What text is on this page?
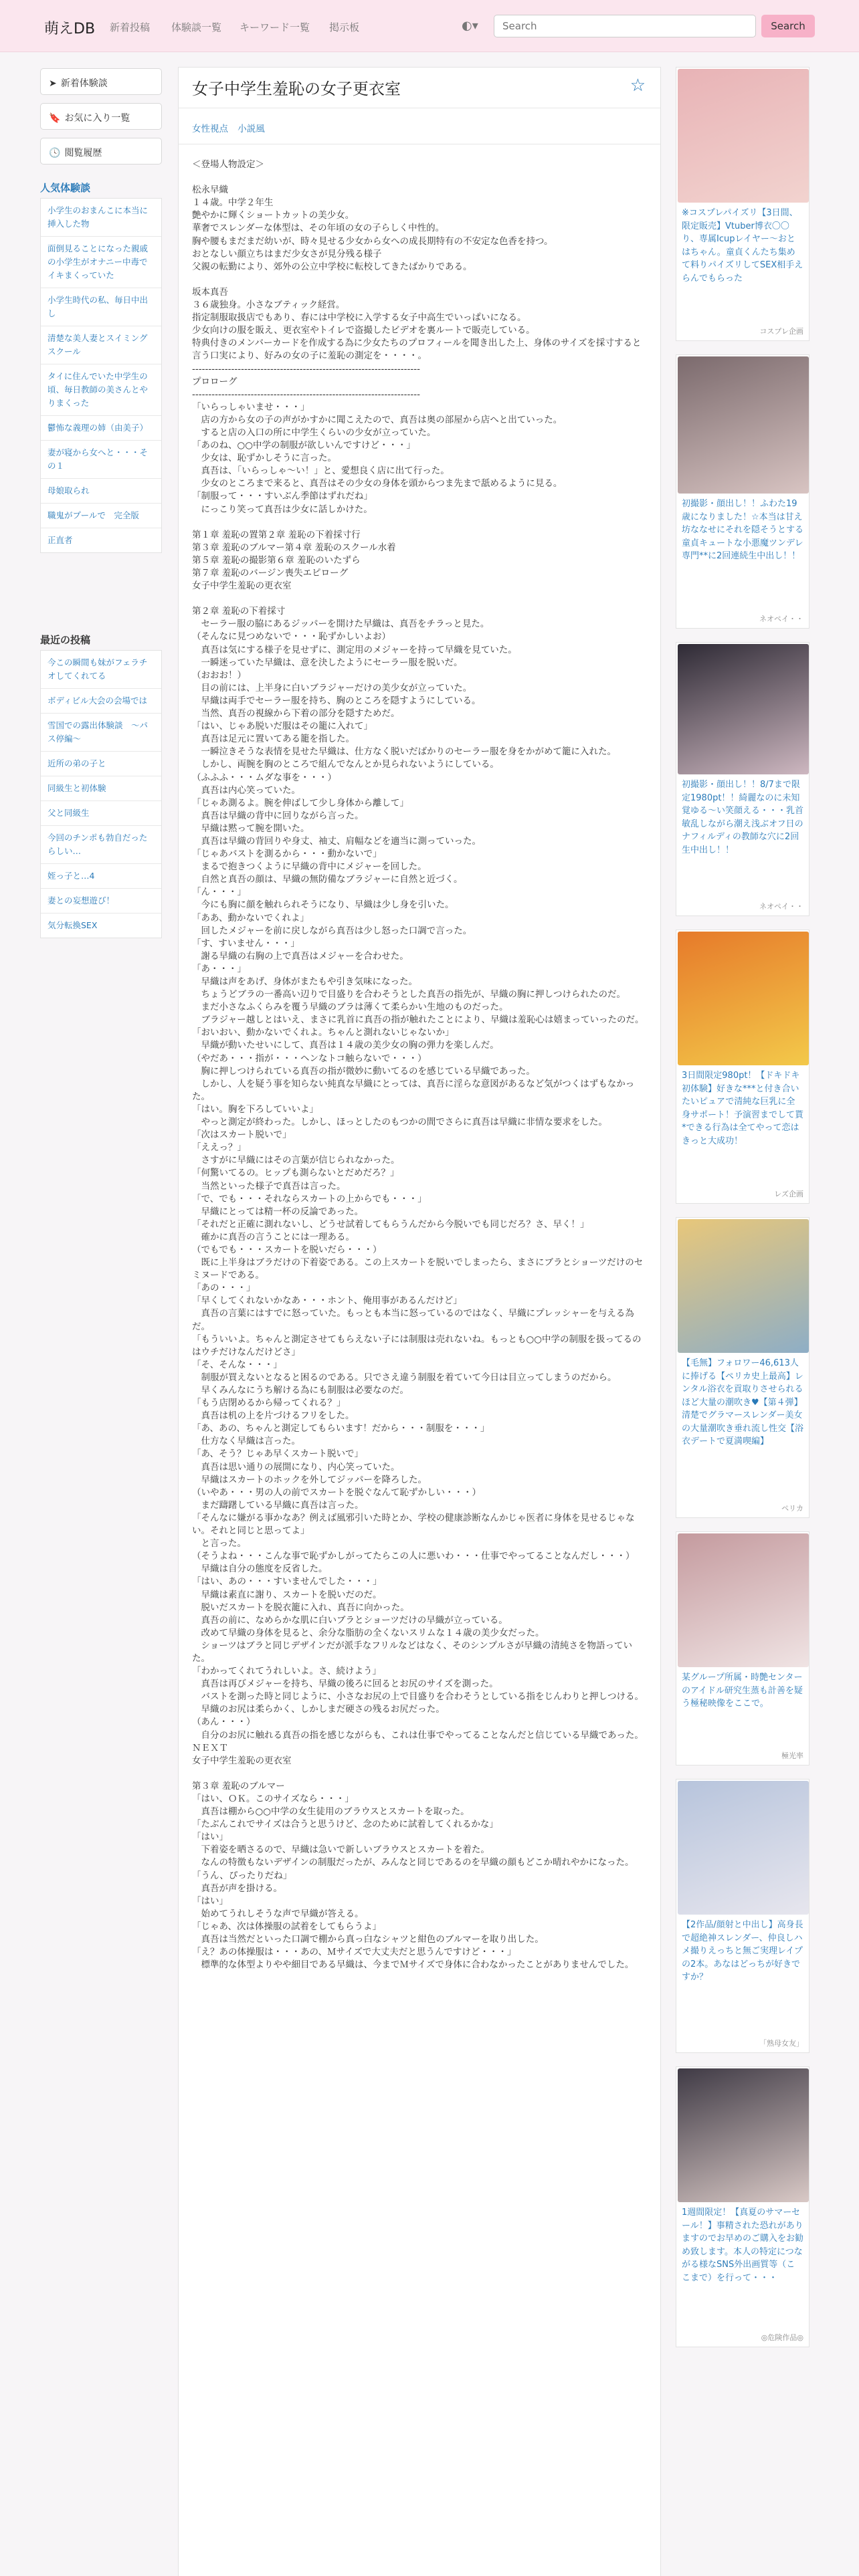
萌えDB 新着投稿 体験談一覧 キーワード一覧 掲示板	◐▾
Search	Search
➤ 新着体験談
🔖 お気に入り一覧
🕓 閲覧履歴
人気体験談
小学生のおまんこに本当に挿入した物
面倒見ることになった親戚の小学生がオナニー中毒でイキまくっていた
小学生時代の私、毎日中出し
清楚な美人妻とスイミングスクール
タイに住んでいた中学生の頃、毎日教師の美さんとやりまくった
鬱怖な義理の姉（由美子）
妻が寝から女へと・・・その１
母娘取られ
職鬼がプールで　完全版
正直者
最近の投稿
今この瞬間も妹がフェラチオしてくれてる
ボディビル大会の会場では
雪国での露出体験談　～パス停編～
近所の弟の子と
同級生と初体験
父と同級生
今回のチンポも勃自だったらしい…
姪っ子と…4
妻との妄想遊び！
気分転換SEX
女子中学生羞恥の女子更衣室	☆
女性視点 小説風

＜登場人物設定＞

松永早織

１４歳。中学２年生

艶やかに輝くショートカットの美少女。

華奢でスレンダーな体型は、その年頃の女の子らしく中性的。

胸や腰もまだまだ幼いが、時々見せる少女から女への成長期特有の不安定な色香を持つ。

おとなしい顔立ちはまだ少女さが見分残る様子

父親の転勤により、郊外の公立中学校に転校してきたばかりである。

坂本真吾

３６歳独身。小さなブティック経営。

指定制服取扱店でもあり、春には中学校に入学する女子中高生でいっぱいになる。

少女向けの服を販え、更衣室やトイレで盗撮したビデオを裏ルートで販売している。

特典付きのメンバーカードを作成する為に少女たちのプロフィールを聞き出した上、身体のサイズを採寸すると言う口実により、好みの女の子に羞恥の測定を・・・・。

----------------------------------------------------------------------

プロローグ

----------------------------------------------------------------------

「いらっしゃいませ・・・」

　店の方から女の子の声がかすかに聞こえたので、真吾は奥の部屋から店へと出ていった。

　すると店の入口の所に中学生くらいの少女が立っていた。

「あのね、○○中学の制服が欲しいんですけど・・・」

　少女は、恥ずかしそうに言った。

　真吾は、「いらっしゃ〜い！」と、愛想良く店に出て行った。

　少女のところまで来ると、真吾はその少女の身体を頭からつま先まで舐めるように見る。

「制服って・・・すいぶん季節はずれだね」

　にっこり笑って真吾は少女に話しかけた。

第１章 羞恥の置第２章 羞恥の下着採寸行

第３章 羞恥のブルマー第４章 羞恥のスクール水着

第５章 羞恥の撮影第６章 羞恥のいたずら

第７章 羞恥のバージン喪失エピローグ

女子中学生羞恥の更衣室

第２章 羞恥の下着採寸

　セーラー服の脇にあるジッパーを開けた早織は、真吾をチラっと見た。

（そんなに見つめないで・・・恥ずかしいよお）

　真吾は気にする様子を見せずに、測定用のメジャーを持って早織を見ていた。

　一瞬迷っていた早織は、意を決したようにセーラー服を脱いだ。

（おおお！）

　目の前には、上半身に白いブラジャーだけの美少女が立っていた。

　早織は両手でセーラー服を持ち、胸のところを隠すようにしている。

　当然、真吾の視線から下着の部分を隠すためだ。

「はい、じゃあ脱いだ服はその籠に入れて」

　真吾は足元に置いてある籠を指した。

　一瞬泣きそうな表情を見せた早織は、仕方なく脱いだばかりのセーラー服を身をかがめて籠に入れた。

　しかし、両腕を胸のところで組んでなんとか見られないようにしている。

（ふふふ・・・ムダな事を・・・）

　真吾は内心笑っていた。

「じゃあ測るよ。腕を伸ばして少し身体から離して」

　真吾は早織の背中に回りながら言った。

　早織は黙って腕を開いた。

　真吾は早織の背回りや身丈、袖丈、肩幅などを適当に測っていった。

「じゃあバストを測るから・・・動かないで」

　まるで抱きつくように早織の背中にメジャーを回した。

　自然と真吾の顔は、早織の無防備なブラジャーに自然と近づく。

「ん・・・」

　今にも胸に顔を触れられそうになり、早織は少し身を引いた。

「ああ、動かないでくれよ」

　回したメジャーを前に戻しながら真吾は少し怒った口調で言った。

「す、すいません・・・」

　謝る早織の右胸の上で真吾はメジャーを合わせた。

「あ・・・」

　早織は声をあげ、身体がまたもや引き気味になった。

　ちょうどブラの一番高い辺りで目盛りを合わそうとした真吾の指先が、早織の胸に押しつけられたのだ。

　まだ小さなふくらみを覆う早織のブラは薄くて柔らかい生地のものだった。

　ブラジャー越しとはいえ、まさに乳首に真吾の指が触れたことにより、早織は羞恥心は嬉まっていったのだ。

「おいおい、動かないでくれよ。ちゃんと測れないじゃないか」

　早織が動いたせいにして、真吾は１４歳の美少女の胸の弾力を楽しんだ。

（やだあ・・・指が・・・ヘンなトコ触らないで・・・）

　胸に押しつけられている真吾の指が微妙に動いてるのを感じている早織であった。

　しかし、人を疑う事を知らない純真な早織にとっては、真吾に淫らな意図があるなど気がつくはずもなかった。

「はい。胸を下ろしていいよ」

　やっと測定が終わった。しかし、ほっとしたのもつかの間でさらに真吾は早織に非情な要求をした。

「次はスカート脱いで」

「ええっ？」

　さすがに早織にはその言葉が信じられなかった。

「何驚いてるの。ヒップも測らないとだめだろ？」

　当然といった様子で真吾は言った。

「で、でも・・・それならスカートの上からでも・・・」

　早織にとっては精一杯の反論であった。

「それだと正確に測れないし、どうせ試着してもらうんだから今脱いでも同じだろ？さ、早く！」

　確かに真吾の言うことには一理ある。

（でもでも・・・スカートを脱いだら・・・）

　既に上半身はブラだけの下着姿である。この上スカートを脱いでしまったら、まさにブラとショーツだけのセミヌードである。

「あの・・・」

「早くしてくれないかなあ・・・ホント、俺用事があるんだけど」

　真吾の言葉にはすでに怒っていた。もっとも本当に怒っているのではなく、早織にプレッシャーを与える為だ。

「もういいよ。ちゃんと測定させてもらえない子には制服は売れないね。もっとも○○中学の制服を扱ってるのはウチだけなんだけどさ」

「そ、そんな・・・」

　制服が買えないとなると困るのである。只でさえ違う制服を着ていて今日は目立ってしまうのだから。

　早くみんなにうち解ける為にも制服は必要なのだ。

「もう店閉めるから帰ってくれる？」

　真吾は机の上を片づけるフリをした。

「あ、あの、ちゃんと測定してもらいます！だから・・・制服を・・・」

　仕方なく早織は言った。

「あ、そう？じゃあ早くスカート脱いで」

　真吾は思い通りの展開になり、内心笑っていた。

　早織はスカートのホックを外してジッパーを降ろした。

（いやあ・・・男の人の前でスカートを脱ぐなんて恥ずかしい・・・）

　まだ躊躇している早織に真吾は言った。

「そんなに嫌がる事かなあ？例えば風邪引いた時とか、学校の健康診断なんかじゃ医者に身体を見せるじゃない。それと同じと思ってよ」

　と言った。

（そうよね・・・こんな事で恥ずかしがってたらこの人に悪いわ・・・仕事でやってることなんだし・・・）

　早織は自分の態度を反省した。

「はい、あの・・・すいませんでした・・・」

　早織は素直に謝り、スカートを脱いだのだ。

　脱いだスカートを脱衣籠に入れ、真吾に向かった。

　真吾の前に、なめらかな肌に白いブラとショーツだけの早織が立っている。

　改めて早織の身体を見ると、余分な脂肪の全くないスリムな１４歳の美少女だった。

　ショーツはブラと同じデザインだが派手なフリルなどはなく、そのシンプルさが早織の清純さを物語っていた。

「わかってくれてうれしいよ。さ、続けよう」

　真吾は再びメジャーを持ち、早織の後ろに回るとお尻のサイズを測った。

　バストを測った時と同じように、小さなお尻の上で目盛りを合わそうとしている指をじんわりと押しつける。

　早織のお尻は柔らかく、しかしまだ硬さの残るお尻だった。

（あん・・・）

　自分のお尻に触れる真吾の指を感じながらも、これは仕事でやってることなんだと信じている早織であった。

ＮＥＸＴ

女子中学生羞恥の更衣室

第３章 羞恥のブルマー

「はい、ＯＫ。このサイズなら・・・」

　真吾は棚から○○中学の女生徒用のブラウスとスカートを取った。

「たぶんこれでサイズは合うと思うけど、念のために試着してくれるかな」

「はい」

　下着姿を晒さるので、早織は急いで新しいブラウスとスカートを着た。

　なんの特徴もないデザインの制服だったが、みんなと同じであるのを早織の顔もどこか晴れやかになった。

「うん、ぴったりだね」

　真吾が声を掛ける。

「はい」

　始めてうれしそうな声で早織が答える。

「じゃあ、次は体操服の試着をしてもらうよ」

　真吾は当然だといった口調で棚から真っ白なシャツと紺色のブルマーを取り出した。

「え？あの体操服は・・・あの、Ｍサイズで大丈夫だと思うんですけど・・・」

　標準的な体型よりやや細目である早織は、今までＭサイズで身体に合わなかったことがありませんでした。

※コスプレパイズリ【3日間、限定販売】Vtuber博衣〇〇り、専属Icupレイヤー〜おとはちゃん。童貞くんたち集めて料りパイズリしてSEX相手えらんでもらった
コスプレ企画
初撮影・顔出し！！ふわた19歳になりました！☆本当は甘え坊ななせにそれを隠そうとする童貞キュートな小悪魔ツンデレ専門**に2回連続生中出し！！
ネオペイ・・
初撮影・顔出し！！8/7まで限定1980pt！！綺麗なのに未知覚ゆる～い笑顔える・・・乳首敏乱しながら潮え浅ぶオフ日のナフィルディの教師な穴に2回生中出し！！
ネオペイ・・
3日間限定980pt！【ドキドキ初体験】好きな***と付き合いたいピュアで清純な巨乳に全身サポート！予演習までして貰*できる行為は全てやって恋はきっと大成功！
レズ企画
【毛無】フォロワー46,613人に捧げる【ペリカ史上最高】レンタル浴衣を貢取りさせられるほど大量の潮吹き♥【第４弾】清楚でグラマースレンダー美女の大量潮吹き垂れ流し性交【浴衣デートで夏満喫編】
ペリカ
某グループ所属・時艶センターのアイドル研究生蒸も計善を疑う極秘映像をここで。
極光率
【2作品/顔射と中出し】高身長で超絶神スレンダー、仲良しハメ撮りえっちと無ご実理レイプの2本。あなはどっちが好きですか？
「熟母女友」
1週間限定！【真夏のサマーセール！】事精された恐れがありますのでお早めのご購入をお勧め致します。本人の特定につながる様なSNS外出画質等（ここまで）を行って・・・
◎危険作品◎
